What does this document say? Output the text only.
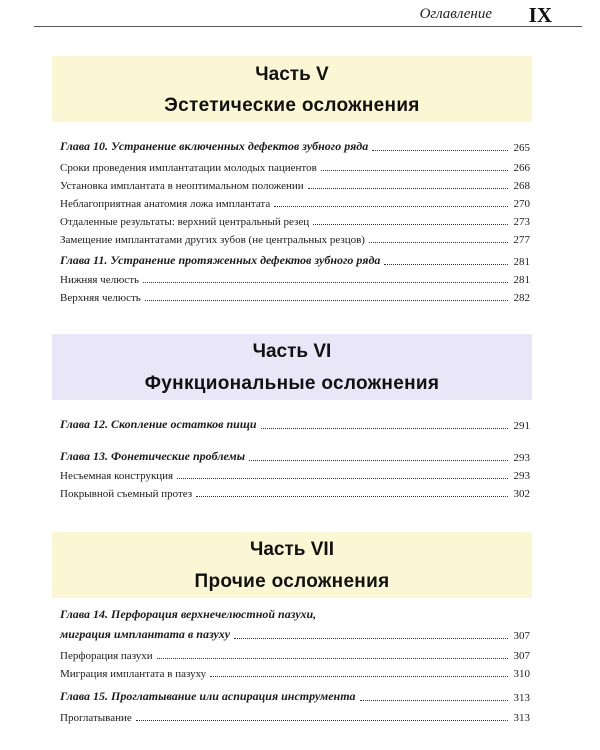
Оглавление IX
Часть V
Эстетические осложнения
Глава 10. Устранение включенных дефектов зубного ряда	265
Сроки проведения имплантатации молодых пациентов	266
Установка имплантата в неоптимальном положении	268
Неблагоприятная анатомия ложа имплантата	270
Отдаленные результаты: верхний центральный резец	273
Замещение имплантатами других зубов (не центральных резцов)	277
Глава 11. Устранение протяженных дефектов зубного ряда	281
Нижняя челюсть	281
Верхняя челюсть	282
Часть VI
Функциональные осложнения
Глава 12. Скопление остатков пищи	291
Глава 13. Фонетические проблемы	293
Несъемная конструкция	293
Покрывной съемный протез	302
Часть VII
Прочие осложнения
Глава 14. Перфорация верхнечелюстной пазухи,
миграция имплантата в пазуху	307
Перфорация пазухи	307
Миграция имплантата в пазуху	310
Глава 15. Проглатывание или аспирация инструмента	313
Проглатывание	313
